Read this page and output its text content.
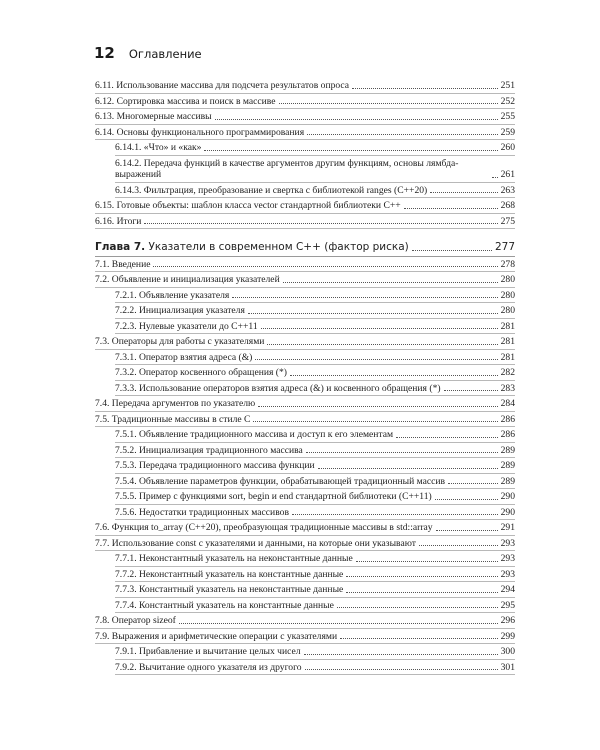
12 Оглавление
6.11. Использование массива для подсчета результатов опроса	251
6.12. Сортировка массива и поиск в массиве	252
6.13. Многомерные массивы	255
6.14. Основы функционального программирования	259
6.14.1. «Что» и «как»	260
6.14.2. Передача функций в качестве аргументов другим функциям, основы лямбда-выражений	261
6.14.3. Фильтрация, преобразование и свертка с библиотекой ranges (C++20)	263
6.15. Готовые объекты: шаблон класса vector стандартной библиотеки C++	268
6.16. Итоги	275
Глава 7. Указатели в современном C++ (фактор риска)	277
7.1. Введение	278
7.2. Объявление и инициализация указателей	280
7.2.1. Объявление указателя	280
7.2.2. Инициализация указателя	280
7.2.3. Нулевые указатели до C++11	281
7.3. Операторы для работы с указателями	281
7.3.1. Оператор взятия адреса (&)	281
7.3.2. Оператор косвенного обращения (*)	282
7.3.3. Использование операторов взятия адреса (&) и косвенного обращения (*)	283
7.4. Передача аргументов по указателю	284
7.5. Традиционные массивы в стиле C	286
7.5.1. Объявление традиционного массива и доступ к его элементам	286
7.5.2. Инициализация традиционного массива	289
7.5.3. Передача традиционного массива функции	289
7.5.4. Объявление параметров функции, обрабатывающей традиционный массив	289
7.5.5. Пример с функциями sort, begin и end стандартной библиотеки (C++11)	290
7.5.6. Недостатки традиционных массивов	290
7.6. Функция to_array (C++20), преобразующая традиционные массивы в std::array	291
7.7. Использование const с указателями и данными, на которые они указывают	293
7.7.1. Неконстантный указатель на неконстантные данные	293
7.7.2. Неконстантный указатель на константные данные	293
7.7.3. Константный указатель на неконстантные данные	294
7.7.4. Константный указатель на константные данные	295
7.8. Оператор sizeof	296
7.9. Выражения и арифметические операции с указателями	299
7.9.1. Прибавление и вычитание целых чисел	300
7.9.2. Вычитание одного указателя из другого	301
